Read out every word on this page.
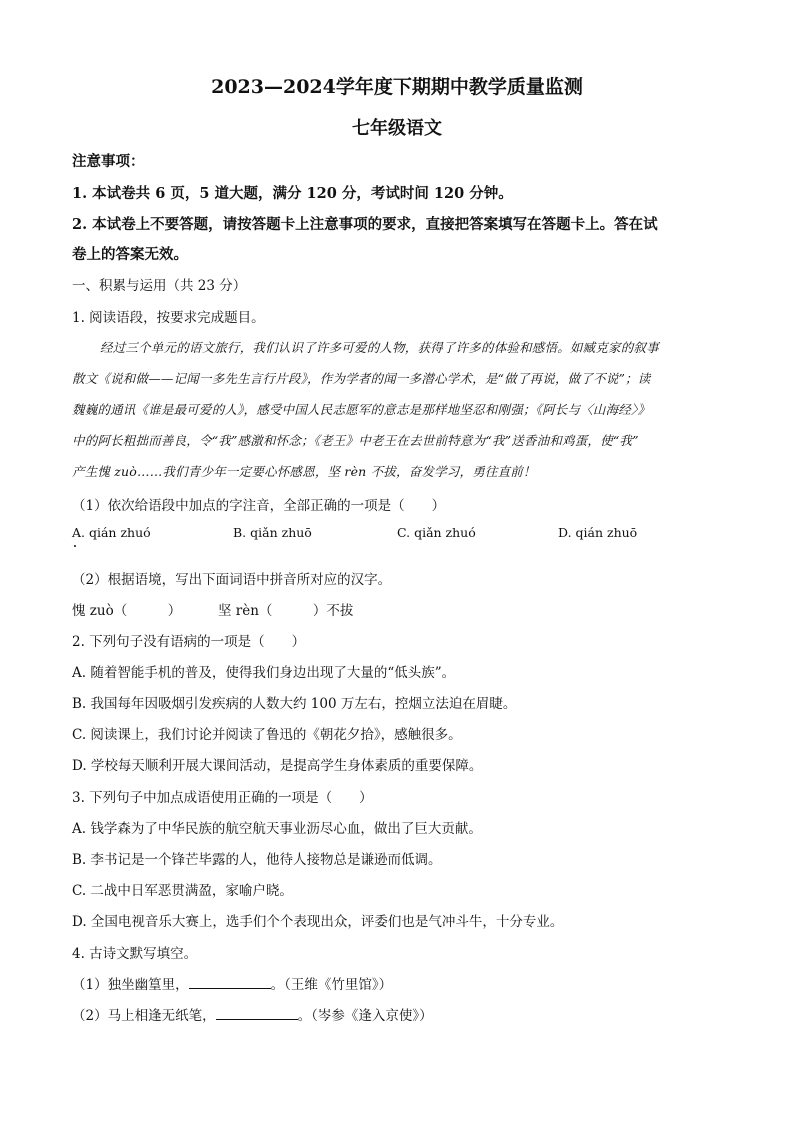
2023—2024学年度下期期中教学质量监测
七年级语文
注意事项：
1. 本试卷共 6 页，5 道大题，满分 120 分，考试时间 120 分钟。
2. 本试卷上不要答题，请按答题卡上注意事项的要求，直接把答案填写在答题卡上。答在试
卷上的答案无效。
一、积累与运用（共 23 分）
1. 阅读语段，按要求完成题目。
经过三个单元的语文旅行，我们认识了许多可爱的人物，获得了许多的体验和感悟。如臧克家的叙事
散文《说和做——记闻一多先生言行片段》，作为学者的闻一多潜心学术，是“做了再说，做了不说”；读
魏巍的通讯《谁是最可爱的人》，感受中国人民志愿军的意志是那样地坚忍和刚强；《阿长与〈山海经〉》
中的阿长粗拙而善良，令“我”感激和怀念；《老王》中老王在去世前特意为“我”送香油和鸡蛋，使“我”
产生愧 zuò……我们青少年一定要心怀感恩，坚 rèn 不拔，奋发学习，勇往直前！
（1）依次给语段中加点的字注音，全部正确的一项是（　　）
A. qián zhuó	B. qiǎn zhuō	C. qiǎn zhuó	D. qián zhuō
（2）根据语境，写出下面词语中拼音所对应的汉字。
愧 zuò（　　　）	坚 rèn（　　　）不拔
2. 下列句子没有语病的一项是（　　）
A. 随着智能手机的普及，使得我们身边出现了大量的“低头族”。
B. 我国每年因吸烟引发疾病的人数大约 100 万左右，控烟立法迫在眉睫。
C. 阅读课上，我们讨论并阅读了鲁迅的《朝花夕拾》，感触很多。
D. 学校每天顺利开展大课间活动，是提高学生身体素质的重要保障。
3. 下列句子中加点成语使用正确的一项是（　　）
A. 钱学森为了中华民族的航空航天事业沥尽心血，做出了巨大贡献。
B. 李书记是一个锋芒毕露的人，他待人接物总是谦逊而低调。
C. 二战中日军恶贯满盈，家喻户晓。
D. 全国电视音乐大赛上，选手们个个表现出众，评委们也是气冲斗牛，十分专业。
4. 古诗文默写填空。
（1）独坐幽篁里，	。（王维《竹里馆》）
（2）马上相逢无纸笔，	。（岑参《逢入京使》）
